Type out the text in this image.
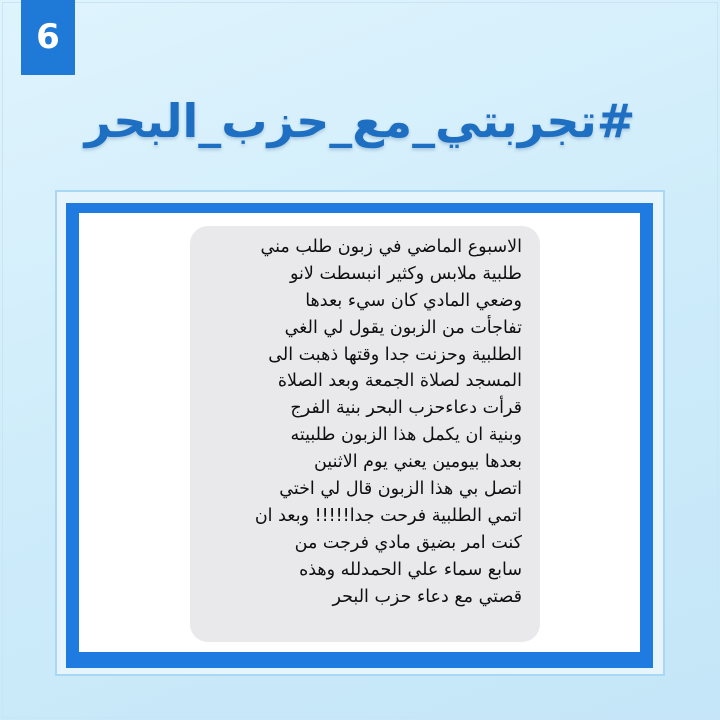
6
#تجربتي_مع_حزب_البحر
الاسبوع الماضي في زبون طلب مني
طلبية ملابس وكثير انبسطت لانو
وضعي المادي كان سيء بعدها
تفاجأت من الزبون يقول لي الغي
الطلبية وحزنت جدا وقتها ذهبت الى
المسجد لصلاة الجمعة وبعد الصلاة
قرأت دعاءحزب البحر بنية الفرج
وبنية ان يكمل هذا الزبون طلبيته
بعدها بيومين يعني يوم الاثنين
اتصل بي هذا الزبون قال لي اختي
اتمي الطلبية فرحت جدا!!!!! وبعد ان
كنت امر بضيق مادي فرجت من
سابع سماء علي الحمدلله وهذه
قصتي مع دعاء حزب البحر
